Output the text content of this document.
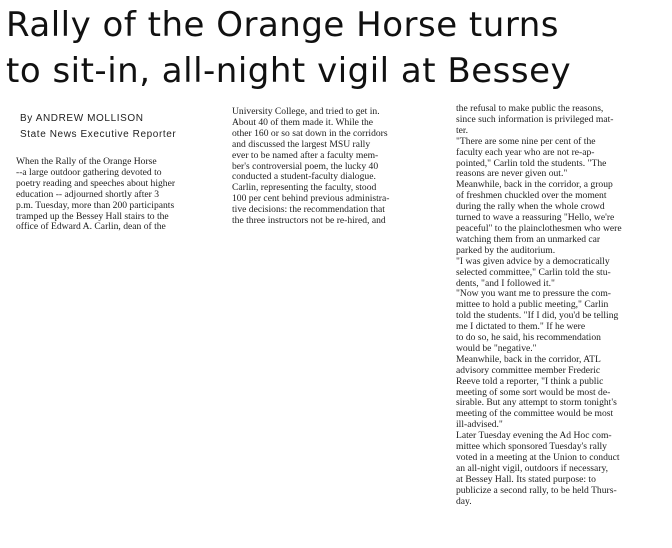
Rally of the Orange Horse turns
to sit-in, all-night vigil at Bessey
By ANDREW MOLLISON
State News Executive Reporter
When the Rally of the Orange Horse
--a large outdoor gathering devoted to
poetry reading and speeches about higher
education -- adjourned shortly after 3
p.m. Tuesday, more than 200 participants
tramped up the Bessey Hall stairs to the
office of Edward A. Carlin, dean of the
University College, and tried to get in.
About 40 of them made it. While the
other 160 or so sat down in the corridors
and discussed the largest MSU rally
ever to be named after a faculty mem-
ber's controversial poem, the lucky 40
conducted a student-faculty dialogue.
Carlin, representing the faculty, stood
100 per cent behind previous administra-
tive decisions: the recommendation that
the three instructors not be re-hired, and
the refusal to make public the reasons,
since such information is privileged mat-
ter.
"There are some nine per cent of the
faculty each year who are not re-ap-
pointed," Carlin told the students. "The
reasons are never given out."
Meanwhile, back in the corridor, a group
of freshmen chuckled over the moment
during the rally when the whole crowd
turned to wave a reassuring "Hello, we're
peaceful" to the plainclothesmen who were
watching them from an unmarked car
parked by the auditorium.
"I was given advice by a democratically
selected committee," Carlin told the stu-
dents, "and I followed it."
"Now you want me to pressure the com-
mittee to hold a public meeting," Carlin
told the students. "If I did, you'd be telling
me I dictated to them." If he were
to do so, he said, his recommendation
would be "negative."
Meanwhile, back in the corridor, ATL
advisory committee member Frederic
Reeve told a reporter, "I think a public
meeting of some sort would be most de-
sirable. But any attempt to storm tonight's
meeting of the committee would be most
ill-advised."
Later Tuesday evening the Ad Hoc com-
mittee which sponsored Tuesday's rally
voted in a meeting at the Union to conduct
an all-night vigil, outdoors if necessary,
at Bessey Hall. Its stated purpose: to
publicize a second rally, to be held Thurs-
day.
